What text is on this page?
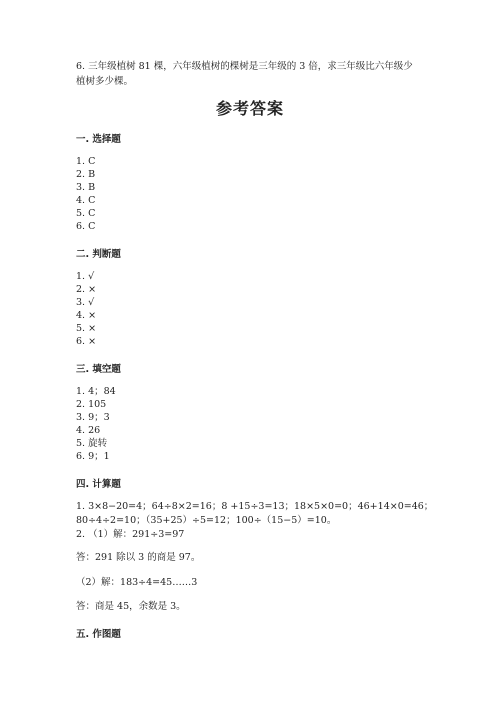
6. 三年级植树 81 棵，六年级植树的棵树是三年级的 3 倍，求三年级比六年级少
植树多少棵。
参考答案
一. 选择题
1. C
2. B
3. B
4. C
5. C
6. C
二. 判断题
1. √
2. ×
3. √
4. ×
5. ×
6. ×
三. 填空题
1. 4；84
2. 105
3. 9；3
4. 26
5. 旋转
6. 9；1
四. 计算题
1. 3×8−20=4；64÷8×2=16；8 +15÷3=13；18×5×0=0；46+14×0=46；
80÷4÷2=10；（35+25）÷5=12；100÷（15−5）=10。
2. （1）解：291÷3=97
答：291 除以 3 的商是 97。
（2）解：183÷4=45……3
答：商是 45，余数是 3。
五. 作图题
